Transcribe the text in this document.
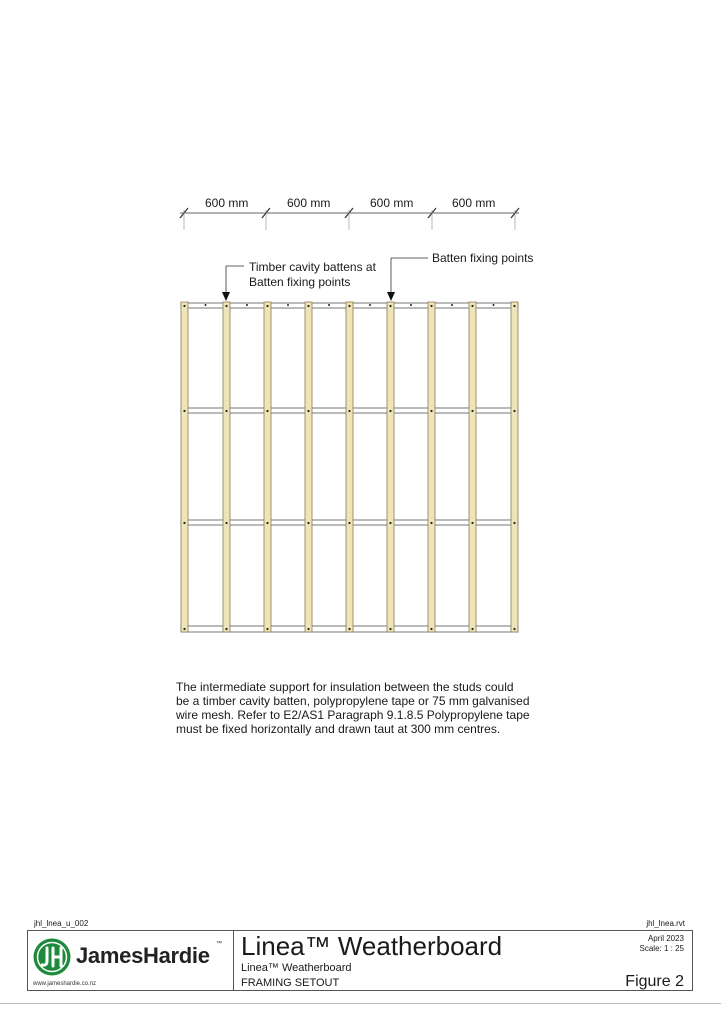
600 mm	600 mm	600 mm	600 mm
Timber cavity battens at
Batten fixing points
Batten fixing points
The intermediate support for insulation between the studs could
be a timber cavity batten, polypropylene tape or 75 mm galvanised
wire mesh. Refer to E2/AS1 Paragraph 9.1.8.5 Polypropylene tape
must be fixed horizontally and drawn taut at 300 mm centres.
jhl_lnea_u_002	jhl_lnea.rvt
JamesHardie ™
www.jameshardie.co.nz
Linea™ Weatherboard
Linea™ Weatherboard
FRAMING SETOUT
April 2023
Scale: 1 : 25
Figure 2
